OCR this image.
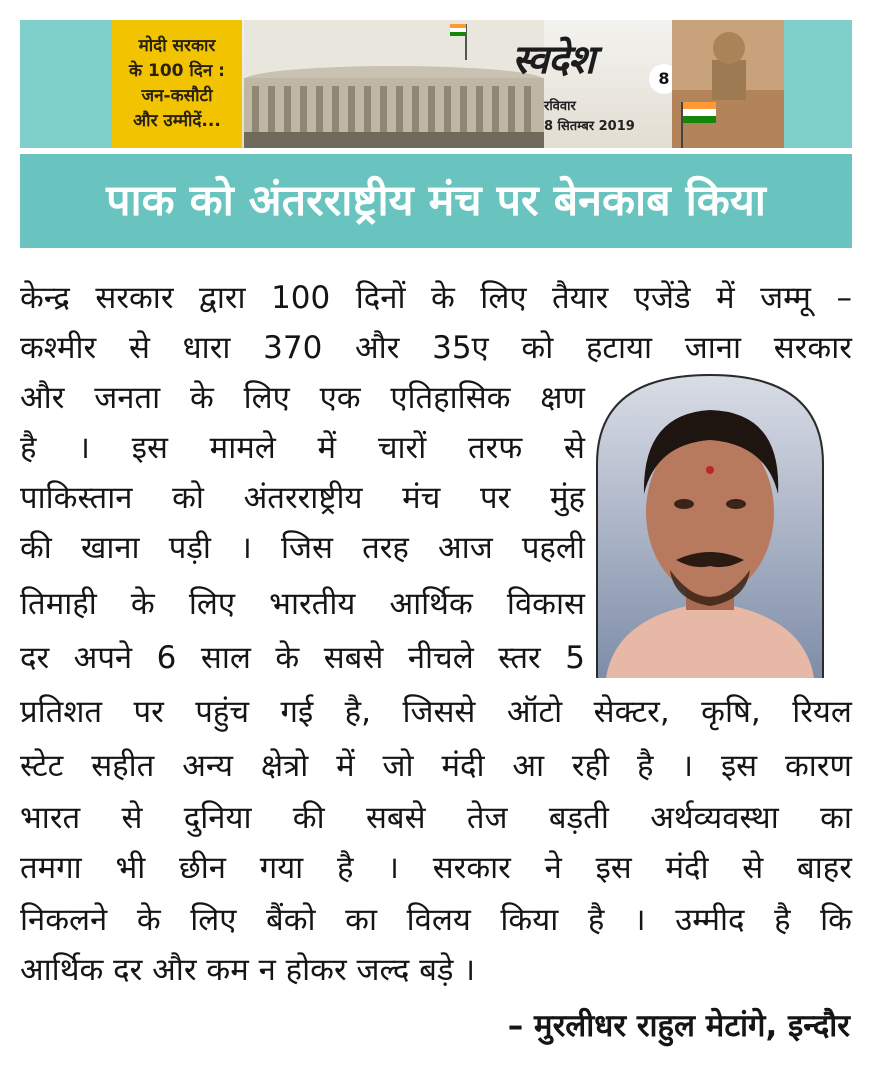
मोदी सरकार
के 100 दिन :
जन-कसौटी
और उम्मीदें...
स्वदेश	8
रविवार
8 सितम्बर 2019
पाक को अंतरराष्ट्रीय मंच पर बेनकाब किया
केन्द्र सरकार द्वारा 100 दिनों के लिए तैयार एजेंडे में जम्मू –
कश्मीर से धारा 370 और 35ए को हटाया जाना सरकार
और जनता के लिए एक एतिहासिक क्षण
है । इस मामले में चारों तरफ से
पाकिस्तान को अंतरराष्ट्रीय मंच पर मुंह
की खाना पड़ी । जिस तरह आज पहली
तिमाही के लिए भारतीय आर्थिक विकास
दर अपने 6 साल के सबसे नीचले स्तर 5
प्रतिशत पर पहुंच गई है, जिससे ऑटो सेक्टर, कृषि, रियल
स्टेट सहीत अन्य क्षेत्रो में जो मंदी आ रही है । इस कारण
भारत से दुनिया की सबसे तेज बड़ती अर्थव्यवस्था का
तमगा भी छीन गया है । सरकार ने इस मंदी से बाहर
निकलने के लिए बैंको का विलय किया है । उम्मीद है कि
आर्थिक दर और कम न होकर जल्द बड़े ।
– मुरलीधर राहुल मेटांगे, इन्दौर
